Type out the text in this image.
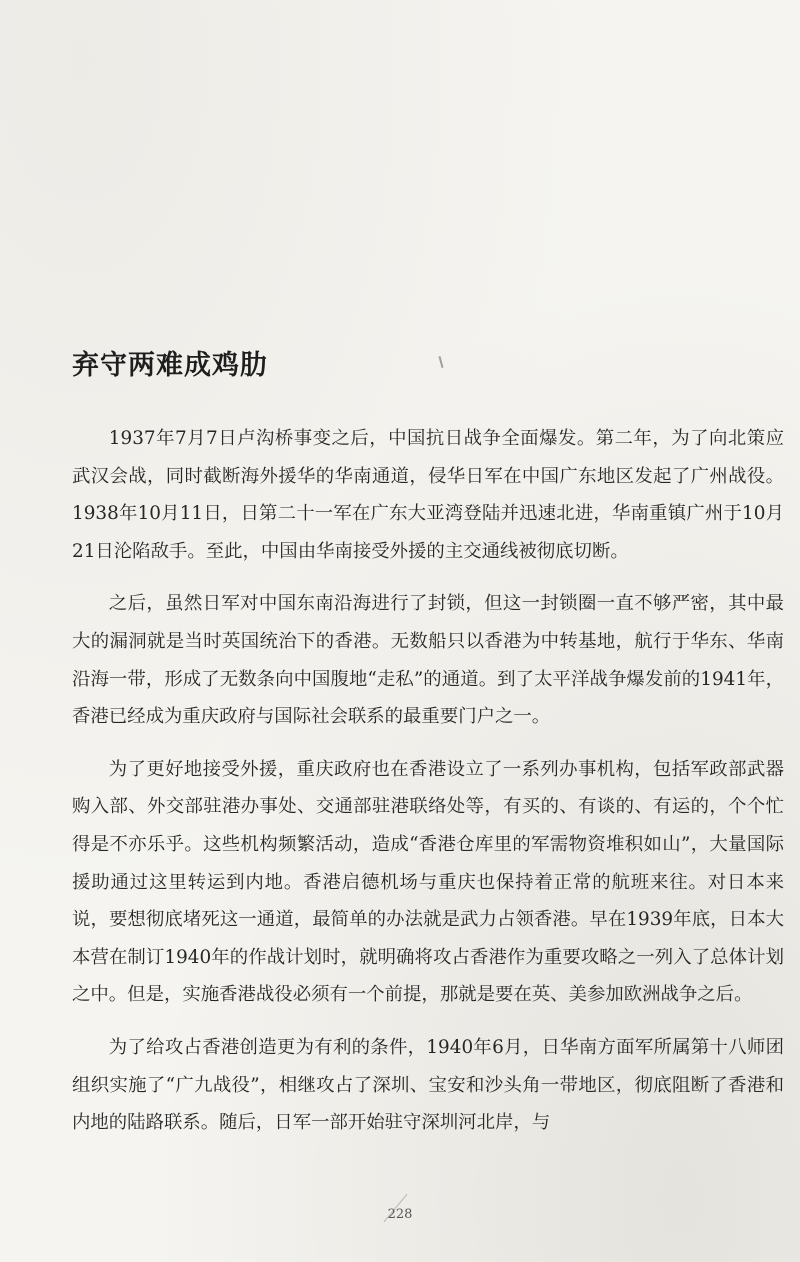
弃守两难成鸡肋

1937年7月7日卢沟桥事变之后，中国抗日战争全面爆发。第二年，为了向北策应武汉会战，同时截断海外援华的华南通道，侵华日军在中国广东地区发起了广州战役。1938年10月11日，日第二十一军在广东大亚湾登陆并迅速北进，华南重镇广州于10月21日沦陷敌手。至此，中国由华南接受外援的主交通线被彻底切断。

之后，虽然日军对中国东南沿海进行了封锁，但这一封锁圈一直不够严密，其中最大的漏洞就是当时英国统治下的香港。无数船只以香港为中转基地，航行于华东、华南沿海一带，形成了无数条向中国腹地“走私”的通道。到了太平洋战争爆发前的1941年，香港已经成为重庆政府与国际社会联系的最重要门户之一。

为了更好地接受外援，重庆政府也在香港设立了一系列办事机构，包括军政部武器购入部、外交部驻港办事处、交通部驻港联络处等，有买的、有谈的、有运的，个个忙得是不亦乐乎。这些机构频繁活动，造成“香港仓库里的军需物资堆积如山”，大量国际援助通过这里转运到内地。香港启德机场与重庆也保持着正常的航班来往。对日本来说，要想彻底堵死这一通道，最简单的办法就是武力占领香港。早在1939年底，日本大本营在制订1940年的作战计划时，就明确将攻占香港作为重要攻略之一列入了总体计划之中。但是，实施香港战役必须有一个前提，那就是要在英、美参加欧洲战争之后。

为了给攻占香港创造更为有利的条件，1940年6月，日华南方面军所属第十八师团组织实施了“广九战役”，相继攻占了深圳、宝安和沙头角一带地区，彻底阻断了香港和内地的陆路联系。随后，日军一部开始驻守深圳河北岸，与

228
